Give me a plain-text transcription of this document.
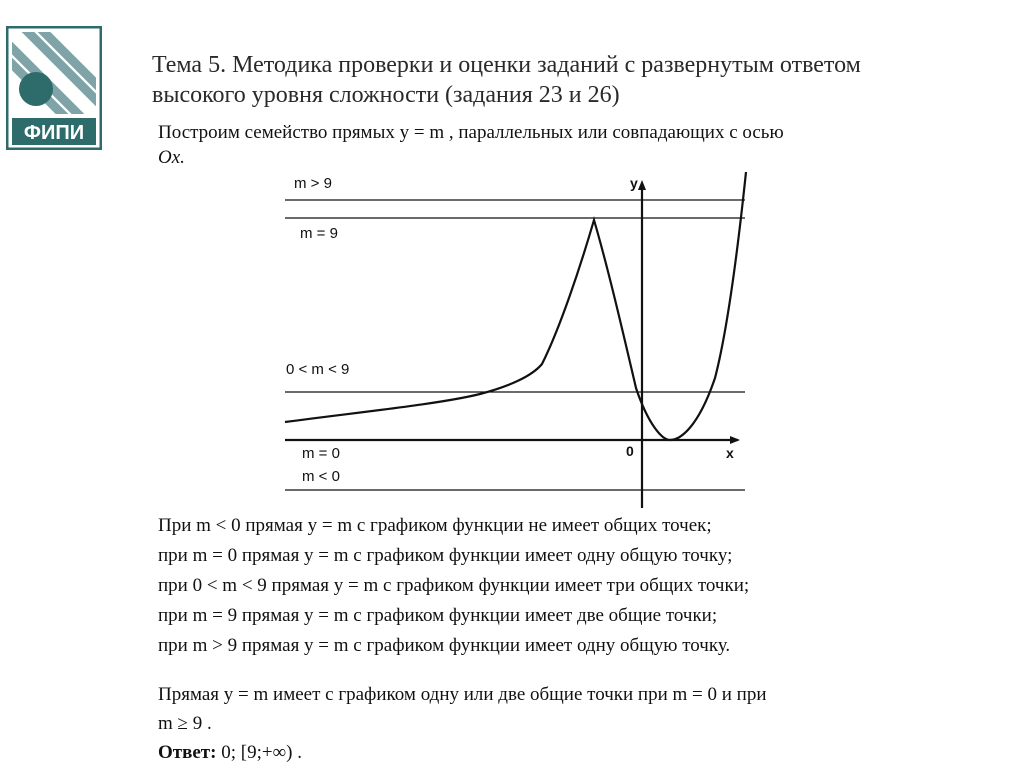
ФИПИ
Тема 5. Методика проверки и оценки заданий с развернутым ответом
высокого уровня сложности (задания 23 и 26)
Построим семейство прямых y = m , параллельных или совпадающих с осью
Ox.
y
x
0
m > 9
m = 9
0 < m < 9
m = 0
m < 0
При m < 0 прямая y = m с графиком функции не имеет общих точек;
при m = 0 прямая y = m с графиком функции имеет одну общую точку;
при 0 < m < 9 прямая y = m с графиком функции имеет три общих точки;
при m = 9 прямая y = m с графиком функции имеет две общие точки;
при m > 9 прямая y = m с графиком функции имеет одну общую точку.
Прямая y = m имеет с графиком одну или две общие точки при m = 0 и при
m ≥ 9 .
Ответ: 0; [9;+∞) .
